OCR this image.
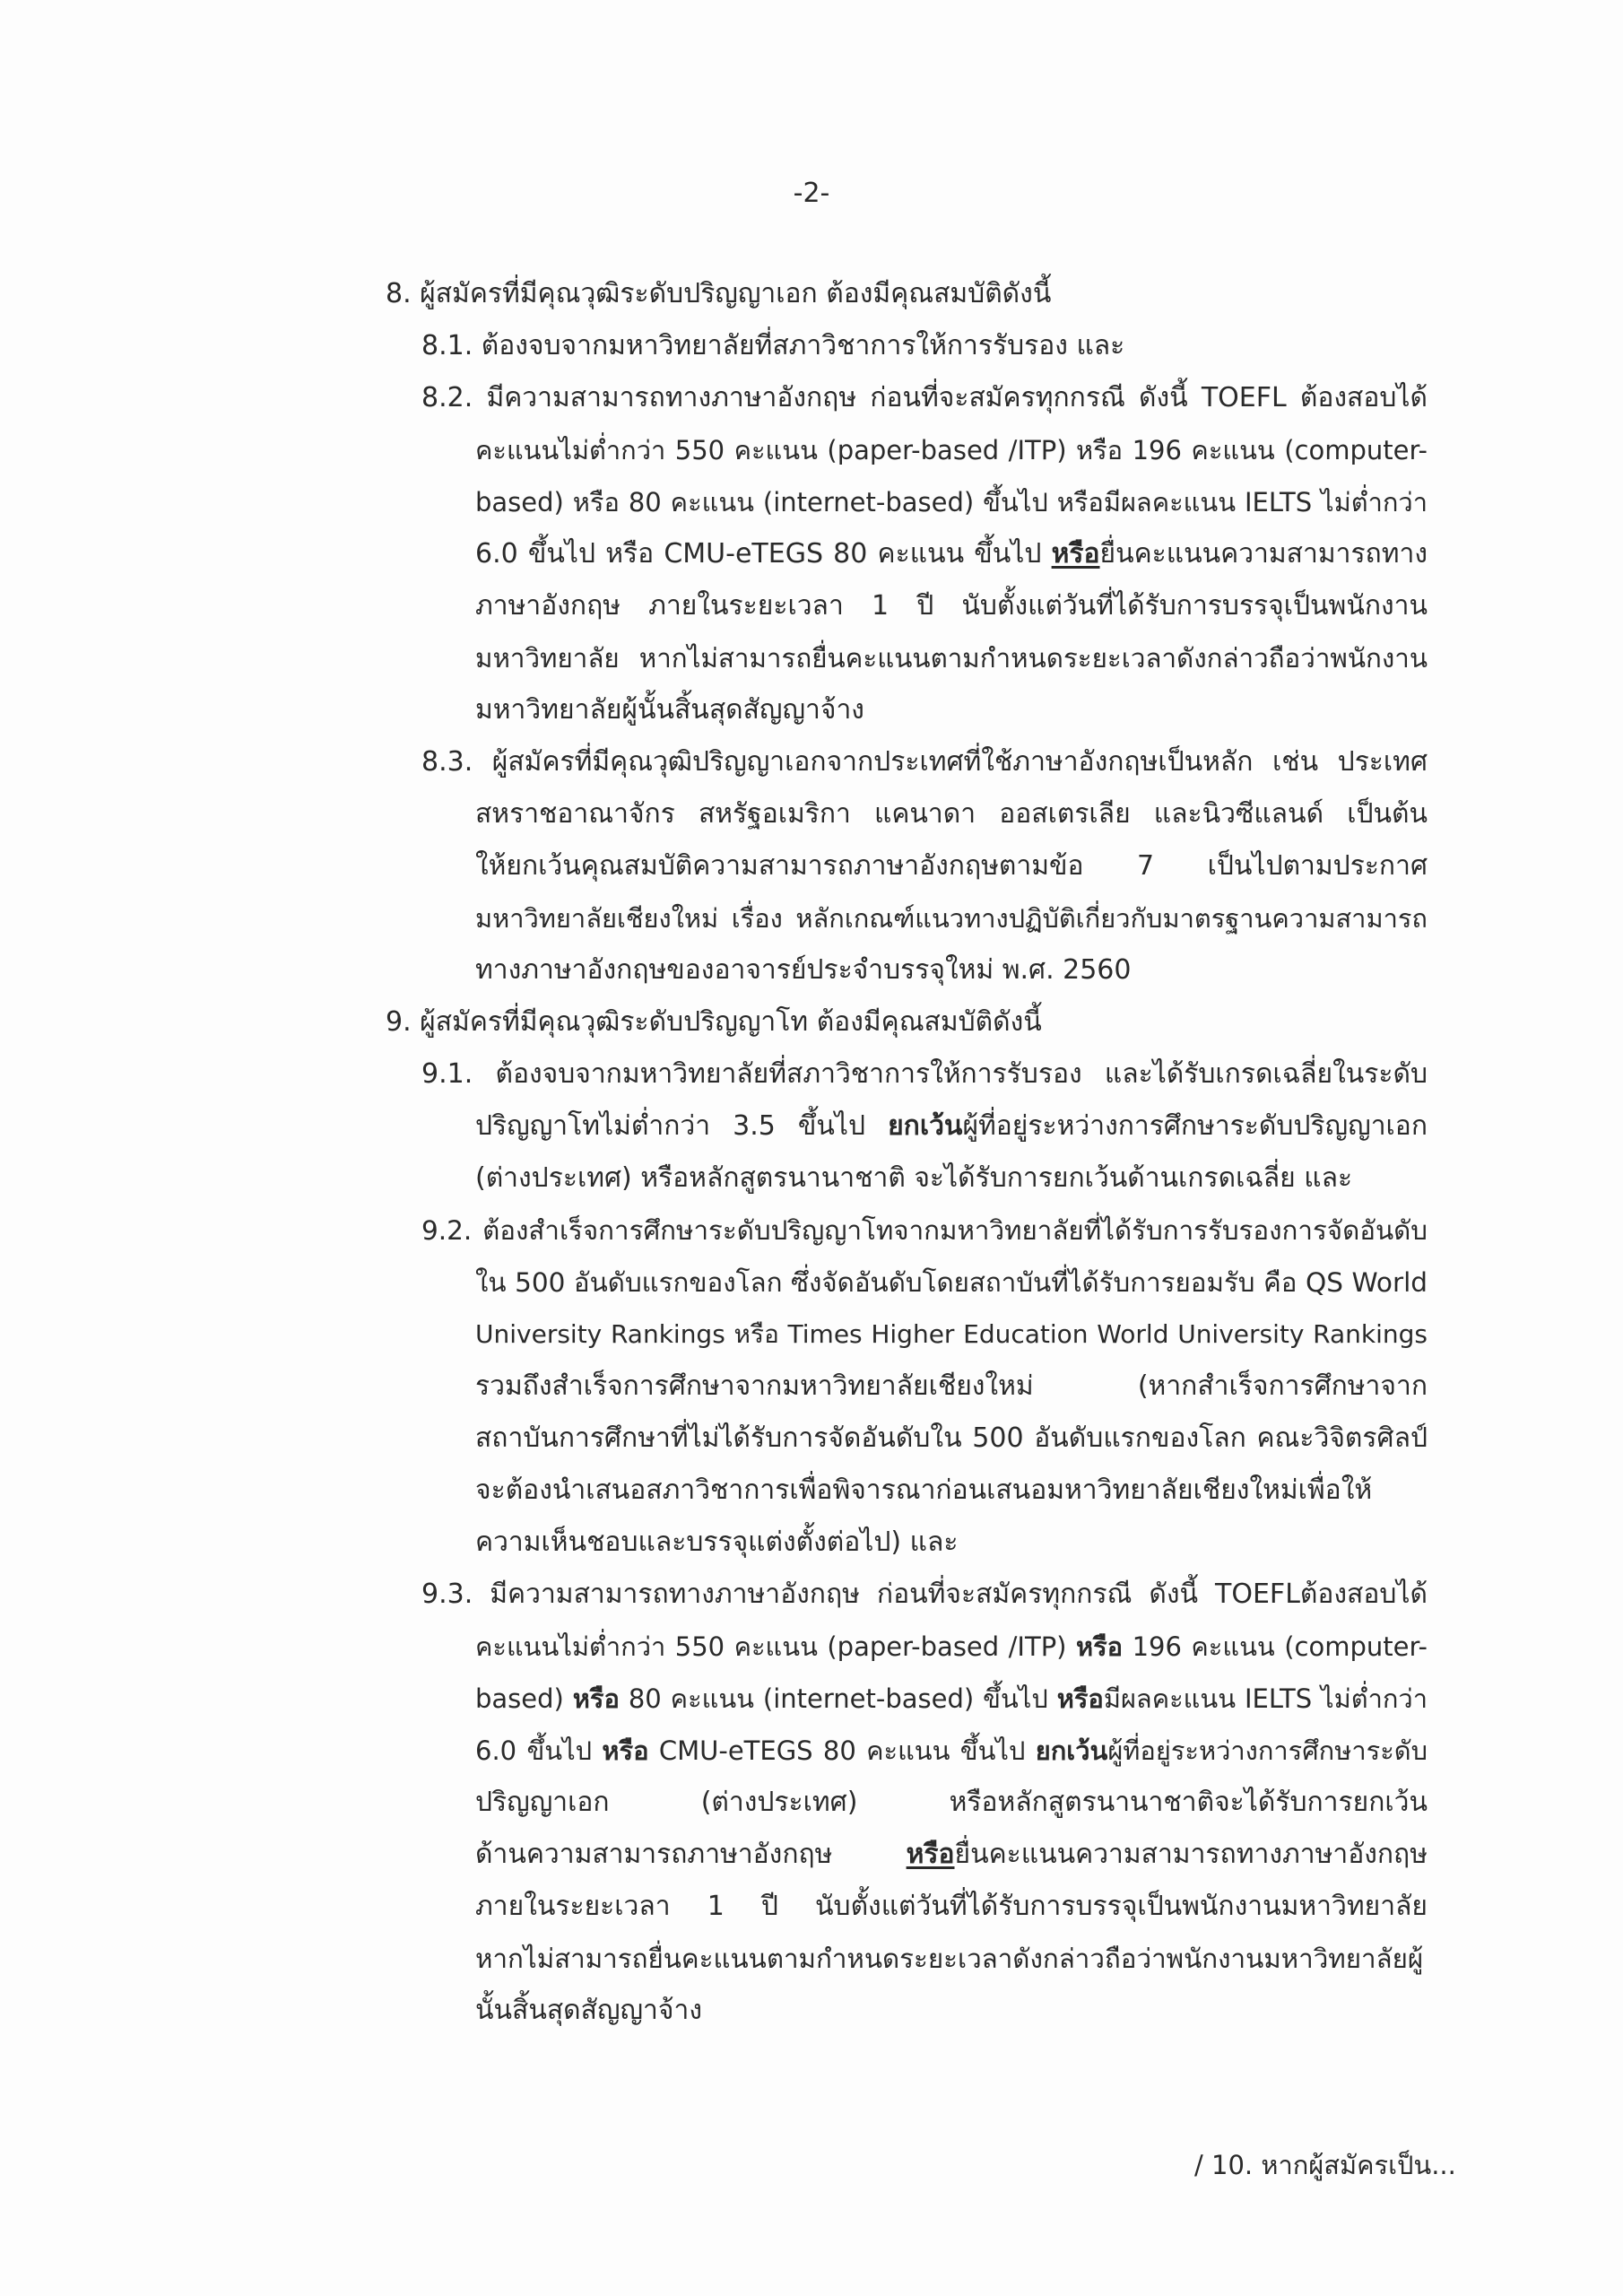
-2-
8. ผู้สมัครที่มีคุณวุฒิระดับปริญญาเอก ต้องมีคุณสมบัติดังนี้
8.1. ต้องจบจากมหาวิทยาลัยที่สภาวิชาการให้การรับรอง และ
8.2. มีความสามารถทางภาษาอังกฤษ ก่อนที่จะสมัครทุกกรณี ดังนี้ TOEFL ต้องสอบได้
คะแนนไม่ต่ำกว่า 550 คะแนน (paper-based /ITP) หรือ 196 คะแนน (computer-
based) หรือ 80 คะแนน (internet-based) ขึ้นไป หรือมีผลคะแนน IELTS ไม่ต่ำกว่า
6.0 ขึ้นไป หรือ CMU-eTEGS 80 คะแนน ขึ้นไป หรือยื่นคะแนนความสามารถทาง
ภาษาอังกฤษ ภายในระยะเวลา 1 ปี นับตั้งแต่วันที่ได้รับการบรรจุเป็นพนักงาน
มหาวิทยาลัย หากไม่สามารถยื่นคะแนนตามกำหนดระยะเวลาดังกล่าวถือว่าพนักงาน
มหาวิทยาลัยผู้นั้นสิ้นสุดสัญญาจ้าง
8.3. ผู้สมัครที่มีคุณวุฒิปริญญาเอกจากประเทศที่ใช้ภาษาอังกฤษเป็นหลัก เช่น ประเทศ
สหราชอาณาจักร สหรัฐอเมริกา แคนาดา ออสเตรเลีย และนิวซีแลนด์ เป็นต้น
ให้ยกเว้นคุณสมบัติความสามารถภาษาอังกฤษตามข้อ 7 เป็นไปตามประกาศ
มหาวิทยาลัยเชียงใหม่ เรื่อง หลักเกณฑ์แนวทางปฏิบัติเกี่ยวกับมาตรฐานความสามารถ
ทางภาษาอังกฤษของอาจารย์ประจำบรรจุใหม่ พ.ศ. 2560
9. ผู้สมัครที่มีคุณวุฒิระดับปริญญาโท ต้องมีคุณสมบัติดังนี้
9.1. ต้องจบจากมหาวิทยาลัยที่สภาวิชาการให้การรับรอง และได้รับเกรดเฉลี่ยในระดับ
ปริญญาโทไม่ต่ำกว่า 3.5 ขึ้นไป ยกเว้นผู้ที่อยู่ระหว่างการศึกษาระดับปริญญาเอก
(ต่างประเทศ) หรือหลักสูตรนานาชาติ จะได้รับการยกเว้นด้านเกรดเฉลี่ย และ
9.2. ต้องสำเร็จการศึกษาระดับปริญญาโทจากมหาวิทยาลัยที่ได้รับการรับรองการจัดอันดับ
ใน 500 อันดับแรกของโลก ซึ่งจัดอันดับโดยสถาบันที่ได้รับการยอมรับ คือ QS World
University Rankings หรือ Times Higher Education World University Rankings
รวมถึงสำเร็จการศึกษาจากมหาวิทยาลัยเชียงใหม่ (หากสำเร็จการศึกษาจาก
สถาบันการศึกษาที่ไม่ได้รับการจัดอันดับใน 500 อันดับแรกของโลก คณะวิจิตรศิลป์
จะต้องนำเสนอสภาวิชาการเพื่อพิจารณาก่อนเสนอมหาวิทยาลัยเชียงใหม่เพื่อให้
ความเห็นชอบและบรรจุแต่งตั้งต่อไป) และ
9.3. มีความสามารถทางภาษาอังกฤษ ก่อนที่จะสมัครทุกกรณี ดังนี้ TOEFLต้องสอบได้
คะแนนไม่ต่ำกว่า 550 คะแนน (paper-based /ITP) หรือ 196 คะแนน (computer-
based) หรือ 80 คะแนน (internet-based) ขึ้นไป หรือมีผลคะแนน IELTS ไม่ต่ำกว่า
6.0 ขึ้นไป หรือ CMU-eTEGS 80 คะแนน ขึ้นไป ยกเว้นผู้ที่อยู่ระหว่างการศึกษาระดับ
ปริญญาเอก (ต่างประเทศ) หรือหลักสูตรนานาชาติจะได้รับการยกเว้น
ด้านความสามารถภาษาอังกฤษ หรือยื่นคะแนนความสามารถทางภาษาอังกฤษ
ภายในระยะเวลา 1 ปี นับตั้งแต่วันที่ได้รับการบรรจุเป็นพนักงานมหาวิทยาลัย
หากไม่สามารถยื่นคะแนนตามกำหนดระยะเวลาดังกล่าวถือว่าพนักงานมหาวิทยาลัยผู้
นั้นสิ้นสุดสัญญาจ้าง
/ 10. หากผู้สมัครเป็น...
